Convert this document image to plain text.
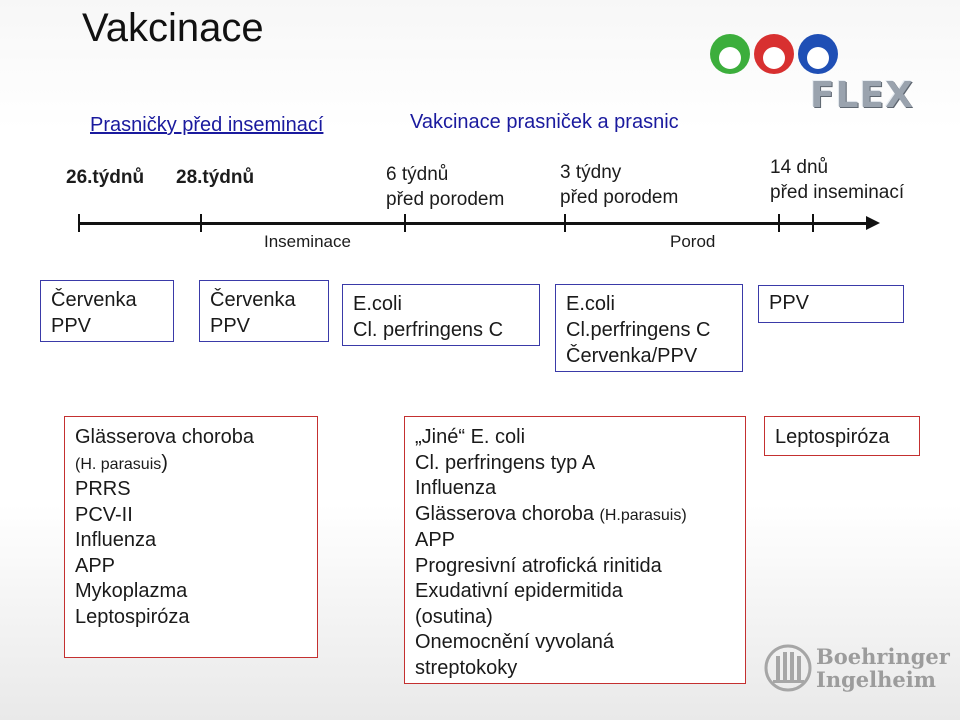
Vakcinace
FLEX
Prasničky před inseminací	Vakcinace prasniček a prasnic
26.týdnů 28.týdnů	6 týdnů
před porodem
3 týdny
před porodem
14 dnů
před inseminací
Inseminace	Porod
Červenka
PPV
Červenka
PPV
E.coli
Cl. perfringens C
E.coli
Cl.perfringens C
Červenka/PPV
PPV
Glässerova choroba
(H. parasuis)
PRRS
PCV-II
Influenza
APP
Mykoplazma
Leptospiróza
„Jiné“ E. coli
Cl. perfringens typ A
Influenza
Glässerova choroba (H.parasuis)
APP
Progresivní atrofická rinitida
Exudativní epidermitida
(osutina)
Onemocnění vyvolaná
streptokoky
Leptospiróza
Boehringer
Ingelheim
